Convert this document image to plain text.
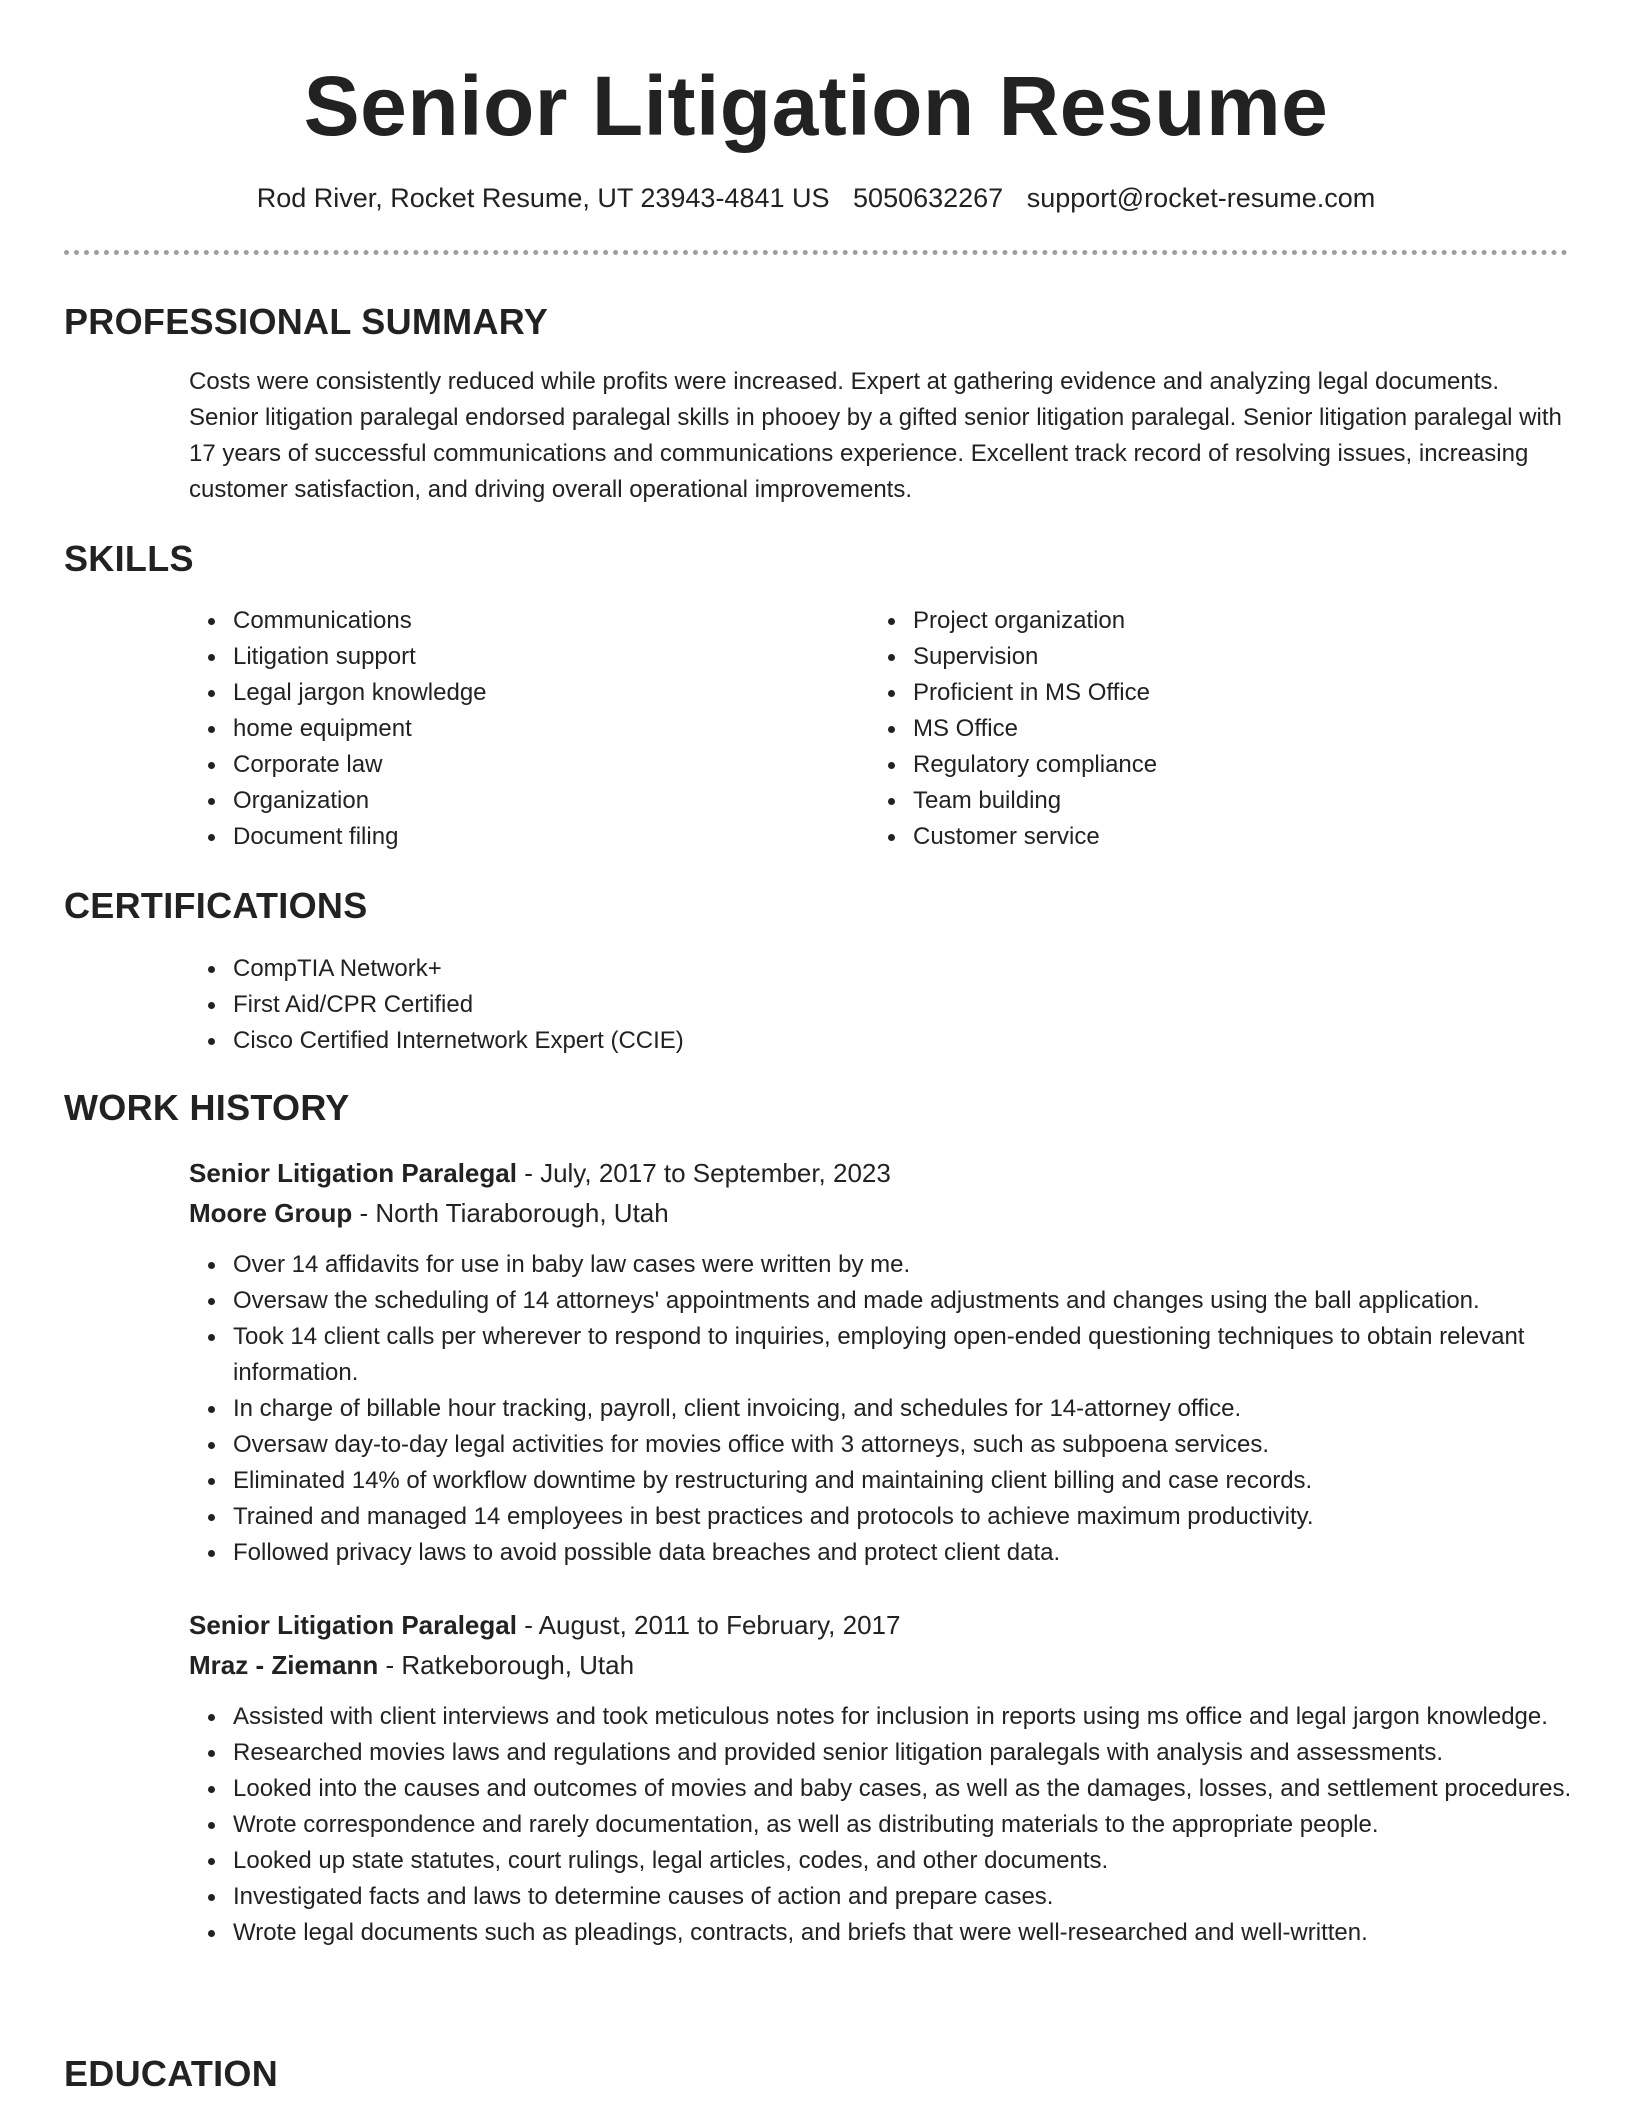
Senior Litigation Resume
Rod River, Rocket Resume, UT 23943-4841 US 5050632267 support@rocket-resume.com
PROFESSIONAL SUMMARY

Costs were consistently reduced while profits were increased. Expert at gathering evidence and analyzing legal documents. Senior litigation paralegal endorsed paralegal skills in phooey by a gifted senior litigation paralegal. Senior litigation paralegal with 17 years of successful communications and communications experience. Excellent track record of resolving issues, increasing customer satisfaction, and driving overall operational improvements.

SKILLS
Communications
Litigation support
Legal jargon knowledge
home equipment
Corporate law
Organization
Document filing
Project organization
Supervision
Proficient in MS Office
MS Office
Regulatory compliance
Team building
Customer service
CERTIFICATIONS
CompTIA Network+
First Aid/CPR Certified
Cisco Certified Internetwork Expert (CCIE)
WORK HISTORY
Senior Litigation Paralegal - July, 2017 to September, 2023
Moore Group - North Tiaraborough, Utah
Over 14 affidavits for use in baby law cases were written by me.
Oversaw the scheduling of 14 attorneys' appointments and made adjustments and changes using the ball application.
Took 14 client calls per wherever to respond to inquiries, employing open-ended questioning techniques to obtain relevant information.
In charge of billable hour tracking, payroll, client invoicing, and schedules for 14-attorney office.
Oversaw day-to-day legal activities for movies office with 3 attorneys, such as subpoena services.
Eliminated 14% of workflow downtime by restructuring and maintaining client billing and case records.
Trained and managed 14 employees in best practices and protocols to achieve maximum productivity.
Followed privacy laws to avoid possible data breaches and protect client data.
Senior Litigation Paralegal - August, 2011 to February, 2017
Mraz - Ziemann - Ratkeborough, Utah
Assisted with client interviews and took meticulous notes for inclusion in reports using ms office and legal jargon knowledge.
Researched movies laws and regulations and provided senior litigation paralegals with analysis and assessments.
Looked into the causes and outcomes of movies and baby cases, as well as the damages, losses, and settlement procedures.
Wrote correspondence and rarely documentation, as well as distributing materials to the appropriate people.
Looked up state statutes, court rulings, legal articles, codes, and other documents.
Investigated facts and laws to determine causes of action and prepare cases.
Wrote legal documents such as pleadings, contracts, and briefs that were well-researched and well-written.
EDUCATION
